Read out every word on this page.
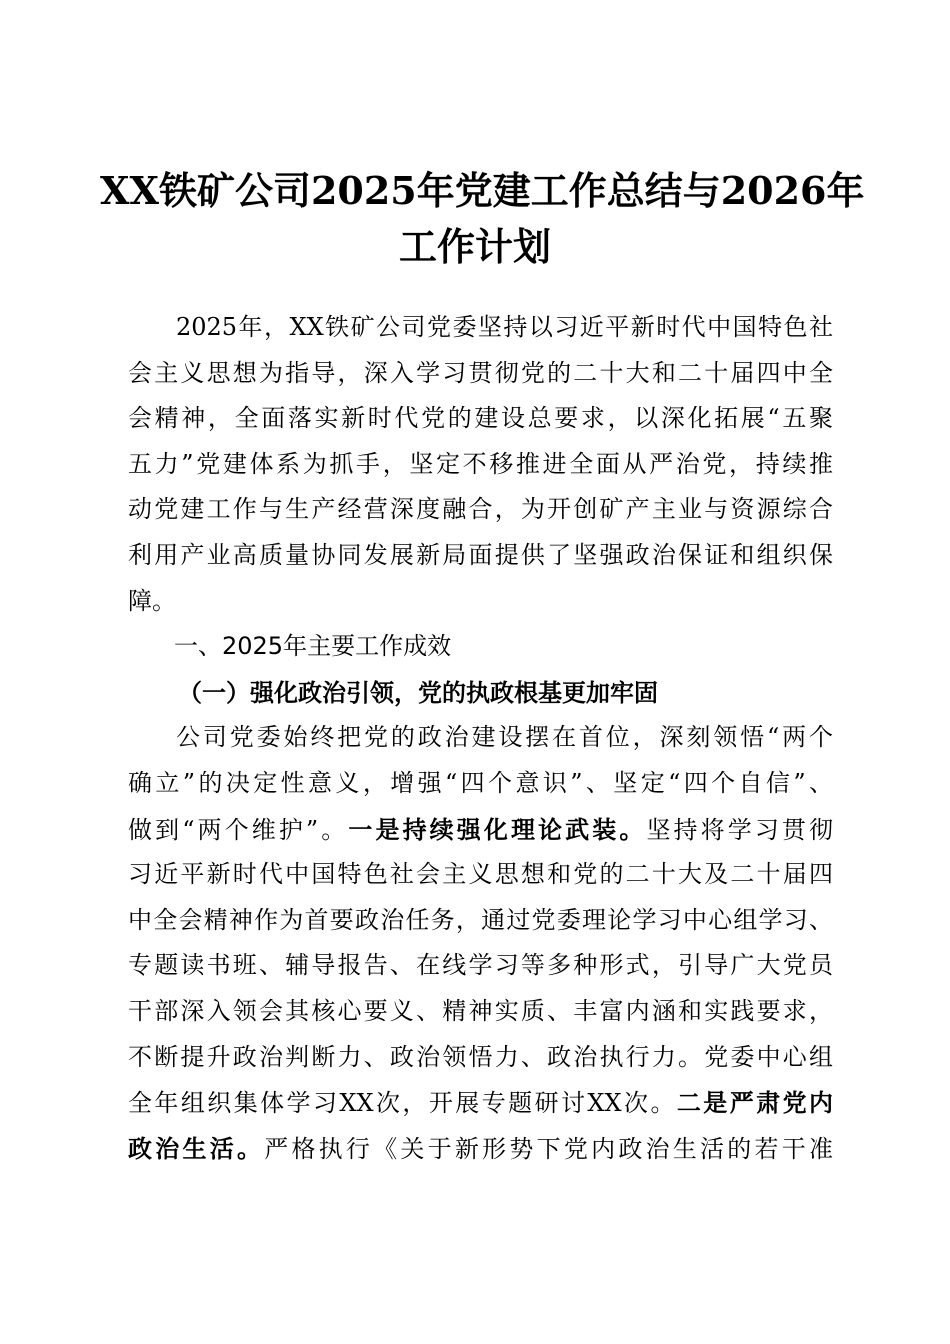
XX铁矿公司2025年党建工作总结与2026年
工作计划
2025年，XX铁矿公司党委坚持以习近平新时代中国特色社
会主义思想为指导，深入学习贯彻党的二十大和二十届四中全
会精神，全面落实新时代党的建设总要求，以深化拓展“五聚
五力”党建体系为抓手，坚定不移推进全面从严治党，持续推
动党建工作与生产经营深度融合，为开创矿产主业与资源综合
利用产业高质量协同发展新局面提供了坚强政治保证和组织保
障。
一、2025年主要工作成效
（一）强化政治引领，党的执政根基更加牢固
公司党委始终把党的政治建设摆在首位，深刻领悟“两个
确立”的决定性意义，增强“四个意识”、坚定“四个自信”、
做到“两个维护”。一是持续强化理论武装。坚持将学习贯彻
习近平新时代中国特色社会主义思想和党的二十大及二十届四
中全会精神作为首要政治任务，通过党委理论学习中心组学习、
专题读书班、辅导报告、在线学习等多种形式，引导广大党员
干部深入领会其核心要义、精神实质、丰富内涵和实践要求，
不断提升政治判断力、政治领悟力、政治执行力。党委中心组
全年组织集体学习XX次，开展专题研讨XX次。二是严肃党内
政治生活。严格执行《关于新形势下党内政治生活的若干准
